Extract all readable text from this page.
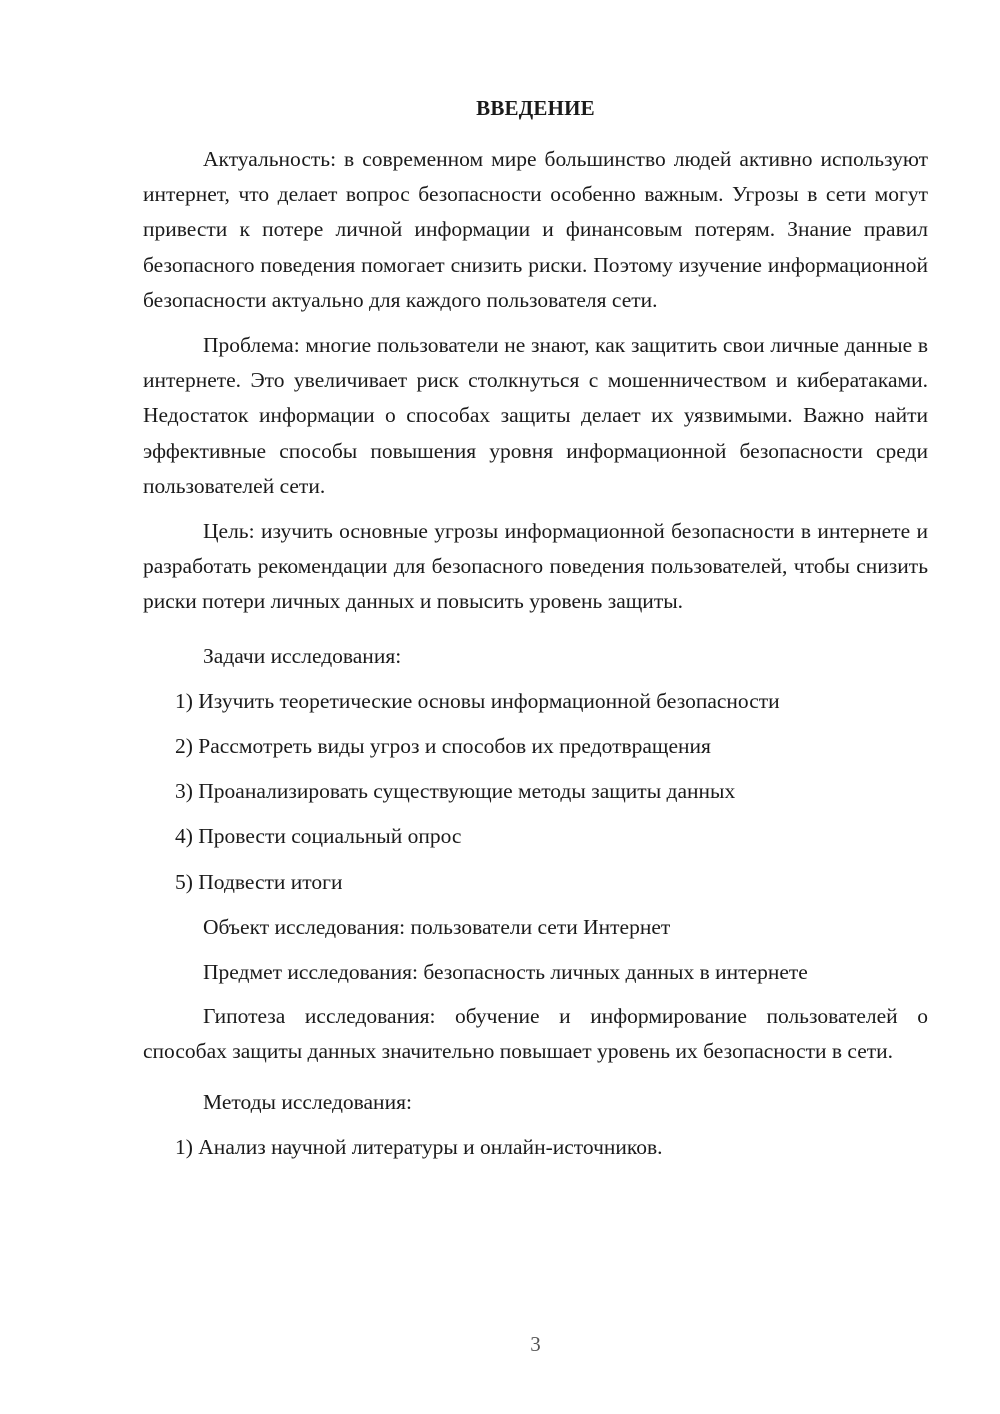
ВВЕДЕНИЕ

Актуальность: в современном мире большинство людей активно используют интернет, что делает вопрос безопасности особенно важным. Угрозы в сети могут привести к потере личной информации и финансовым потерям. Знание правил безопасного поведения помогает снизить риски. Поэтому изучение информационной безопасности актуально для каждого пользователя сети.

Проблема: многие пользователи не знают, как защитить свои личные данные в интернете. Это увеличивает риск столкнуться с мошенничеством и кибератаками. Недостаток информации о способах защиты делает их уязвимыми. Важно найти эффективные способы повышения уровня информационной безопасности среди пользователей сети.

Цель: изучить основные угрозы информационной безопасности в интернете и разработать рекомендации для безопасного поведения пользователей, чтобы снизить риски потери личных данных и повысить уровень защиты.

Задачи исследования:

1) Изучить теоретические основы информационной безопасности

2) Рассмотреть виды угроз и способов их предотвращения

3) Проанализировать существующие методы защиты данных

4) Провести социальный опрос

5) Подвести итоги

Объект исследования: пользователи сети Интернет

Предмет исследования: безопасность личных данных в интернете

Гипотеза исследования: обучение и информирование пользователей о способах защиты данных значительно повышает уровень их безопасности в сети.

Методы исследования:

1) Анализ научной литературы и онлайн-источников.

3
